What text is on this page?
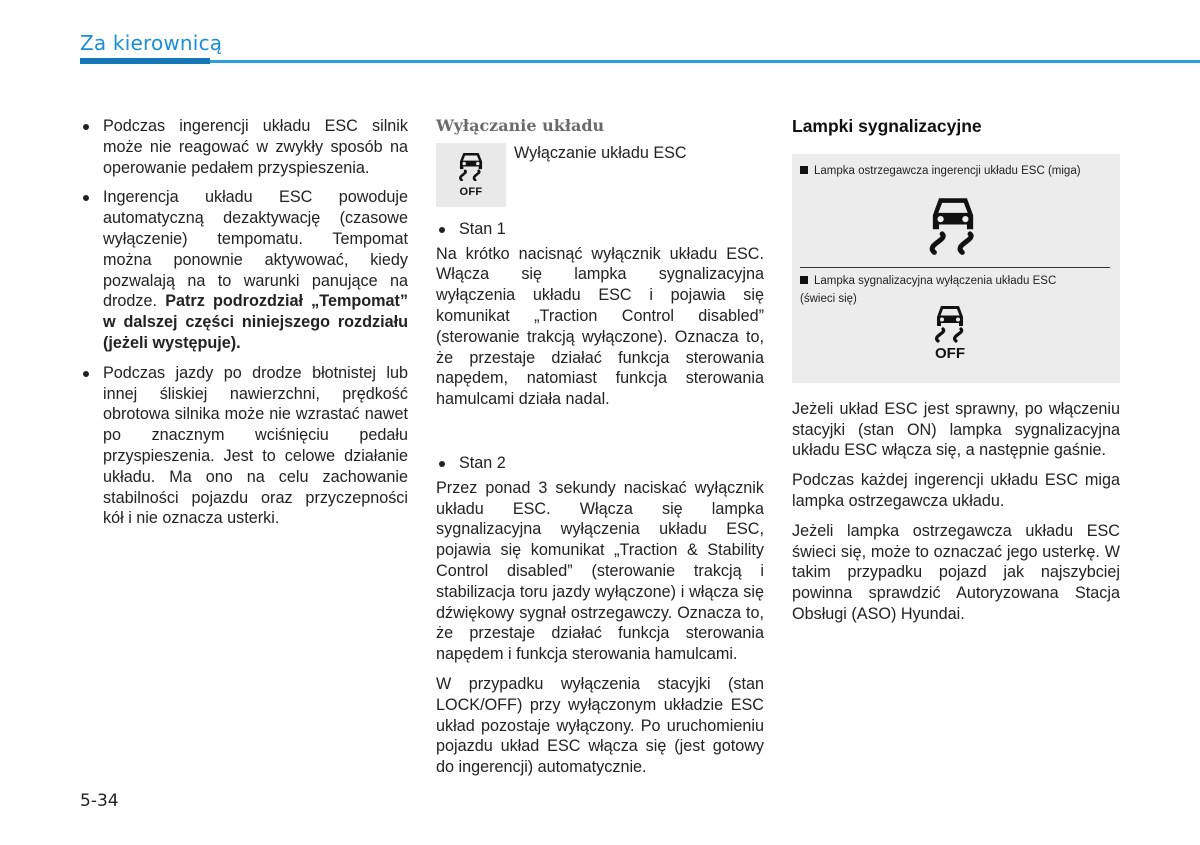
Za kierownicą
Podczas ingerencji układu ESC silnik może nie reagować w zwykły sposób na operowanie pedałem przyspieszenia.
Ingerencja układu ESC powoduje automatyczną dezaktywację (czasowe wyłączenie) tempomatu. Tempomat można ponownie aktywować, kiedy pozwalają na to warunki panujące na drodze. Patrz podrozdział „Tempomat” w dalszej części niniejszego rozdziału (jeżeli występuje).
Podczas jazdy po drodze błotnistej lub innej śliskiej nawierzchni, prędkość obrotowa silnika może nie wzrastać nawet po znacznym wciśnięciu pedału przyspieszenia. Jest to celowe działanie układu. Ma ono na celu zachowanie stabilności pojazdu oraz przyczepności kół i nie oznacza usterki.
Wyłączanie układu
OFF
Wyłączanie układu ESC
Stan 1
Na krótko nacisnąć wyłącznik układu ESC. Włącza się lampka sygnalizacyjna wyłączenia układu ESC i pojawia się komunikat „Traction Control disabled” (sterowanie trakcją wyłączone). Oznacza to, że przestaje działać funkcja sterowania napędem, natomiast funkcja sterowania hamulcami działa nadal.
Stan 2
Przez ponad 3 sekundy naciskać wyłącznik układu ESC. Włącza się lampka sygnalizacyjna wyłączenia układu ESC, pojawia się komunikat „Traction & Stability Control disabled” (sterowanie trakcją i stabilizacja toru jazdy wyłączone) i włącza się dźwiękowy sygnał ostrzegawczy. Oznacza to, że przestaje działać funkcja sterowania napędem i funkcja sterowania hamulcami.
W przypadku wyłączenia stacyjki (stan LOCK/OFF) przy wyłączonym układzie ESC układ pozostaje wyłączony. Po uruchomieniu pojazdu układ ESC włącza się (jest gotowy do ingerencji) automatycznie.
Lampki sygnalizacyjne
Lampka ostrzegawcza ingerencji układu ESC (miga)
Lampka sygnalizacyjna wyłączenia układu ESC
(świeci się)
OFF
Jeżeli układ ESC jest sprawny, po włączeniu stacyjki (stan ON) lampka sygnalizacyjna układu ESC włącza się, a następnie gaśnie.
Podczas każdej ingerencji układu ESC miga lampka ostrzegawcza układu.
Jeżeli lampka ostrzegawcza układu ESC świeci się, może to oznaczać jego usterkę. W takim przypadku pojazd jak najszybciej powinna sprawdzić Autoryzowana Stacja Obsługi (ASO) Hyundai.
5-34
